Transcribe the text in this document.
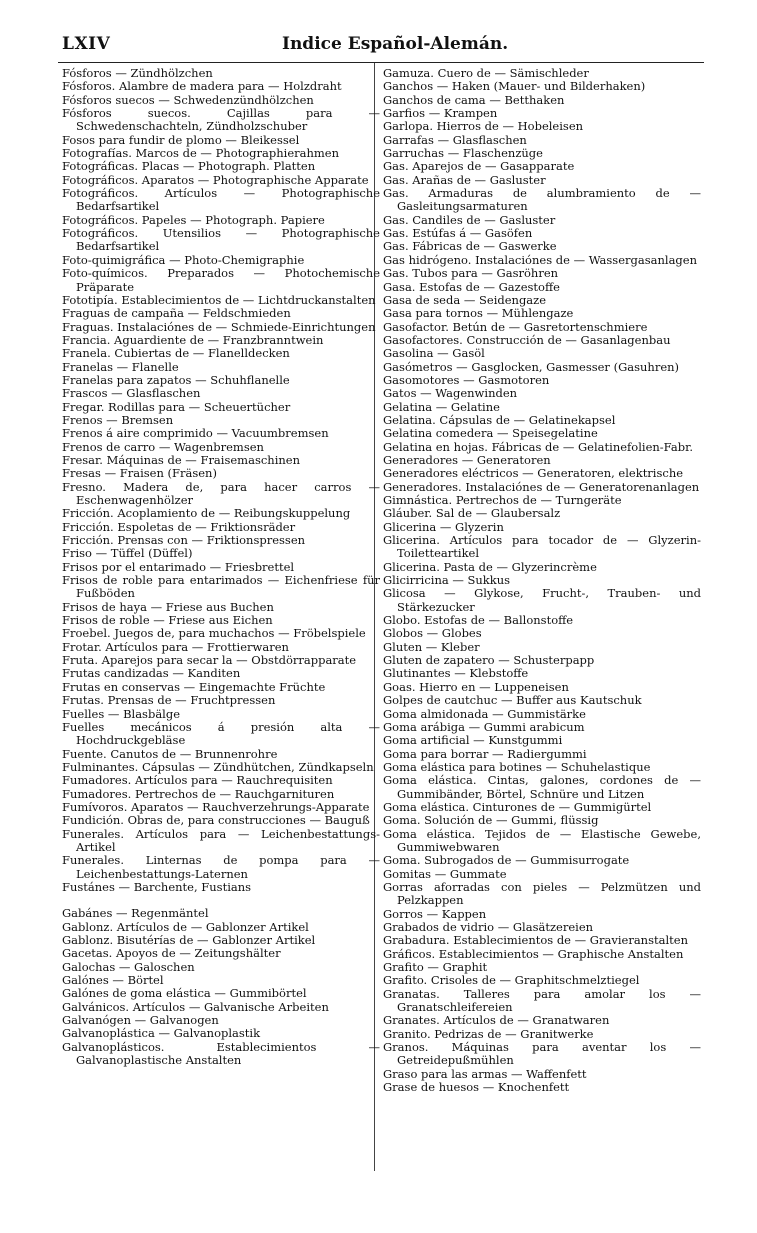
LXIV	Indice Español-Alemán.
Fósforos — Zündhölzchen
Fósforos. Alambre de madera para — Holzdraht
Fósforos suecos — Schwedenzündhölzchen
Fósforos suecos. Cajillas para — Schwedenschachteln, Zündholzschuber
Fosos para fundir de plomo — Bleikessel
Fotografías. Marcos de — Photographierahmen
Fotográficas. Placas — Photograph. Platten
Fotográficos. Aparatos — Photographische Apparate
Fotográficos. Artículos — Photographische Bedarfsartikel
Fotográficos. Papeles — Photograph. Papiere
Fotográficos. Utensilios — Photographische Bedarfsartikel
Foto-quimigráfica — Photo-Chemigraphie
Foto-químicos. Preparados — Photochemische Präparate
Fototipía. Establecimientos de — Lichtdruckanstalten
Fraguas de campaña — Feldschmieden
Fraguas. Instalaciónes de — Schmiede-Einrichtungen
Francia. Aguardiente de — Franzbranntwein
Franela. Cubiertas de — Flanelldecken
Franelas — Flanelle
Franelas para zapatos — Schuhflanelle
Frascos — Glasflaschen
Fregar. Rodillas para — Scheuertücher
Frenos — Bremsen
Frenos á aire comprimido — Vacuumbremsen
Frenos de carro — Wagenbremsen
Fresar. Máquinas de — Fraisemaschinen
Fresas — Fraisen (Fräsen)
Fresno. Madera de, para hacer carros — Eschenwagenhölzer
Fricción. Acoplamiento de — Reibungskuppelung
Fricción. Espoletas de — Friktionsräder
Fricción. Prensas con — Friktionspressen
Friso — Tüffel (Düffel)
Frisos por el entarimado — Friesbrettel
Frisos de roble para entarimados — Eichenfriese für Fußböden
Frisos de haya — Friese aus Buchen
Frisos de roble — Friese aus Eichen
Froebel. Juegos de, para muchachos — Fröbelspiele
Frotar. Artículos para — Frottierwaren
Fruta. Aparejos para secar la — Obstdörrapparate
Frutas candizadas — Kanditen
Frutas en conservas — Eingemachte Früchte
Frutas. Prensas de — Fruchtpressen
Fuelles — Blasbälge
Fuelles mecánicos á presión alta — Hochdruckgebläse
Fuente. Canutos de — Brunnenrohre
Fulminantes. Cápsulas — Zündhütchen, Zündkapseln
Fumadores. Artículos para — Rauchrequisiten
Fumadores. Pertrechos de — Rauchgarnituren
Fumívoros. Aparatos — Rauchverzehrungs-Apparate
Fundición. Obras de, para construcciones — Bauguß
Funerales. Artículos para — Leichenbestattungs-Artikel
Funerales. Linternas de pompa para — Leichenbestattungs-Laternen
Fustánes — Barchente, Fustians
Gabánes — Regenmäntel
Gablonz. Artículos de — Gablonzer Artikel
Gablonz. Bisutérías de — Gablonzer Artikel
Gacetas. Apoyos de — Zeitungshälter
Galochas — Galoschen
Galónes — Börtel
Galónes de goma elástica — Gummibörtel
Galvánicos. Artículos — Galvanische Arbeiten
Galvanógen — Galvanogen
Galvanoplástica — Galvanoplastik
Galvanoplásticos. Establecimientos — Galvanoplastische Anstalten
Gamuza. Cuero de — Sämischleder
Ganchos — Haken (Mauer- und Bilderhaken)
Ganchos de cama — Betthaken
Garfios — Krampen
Garlopa. Hierros de — Hobeleisen
Garrafas — Glasflaschen
Garruchas — Flaschenzüge
Gas. Aparejos de — Gasapparate
Gas. Arañas de — Gasluster
Gas. Armaduras de alumbramiento de — Gasleitungsarmaturen
Gas. Candiles de — Gasluster
Gas. Estúfas á — Gasöfen
Gas. Fábricas de — Gaswerke
Gas hidrógeno. Instalaciónes de — Wassergasanlagen
Gas. Tubos para — Gasröhren
Gasa. Estofas de — Gazestoffe
Gasa de seda — Seidengaze
Gasa para tornos — Mühlengaze
Gasofactor. Betún de — Gasretortenschmiere
Gasofactores. Construcción de — Gasanlagenbau
Gasolina — Gasöl
Gasómetros — Gasglocken, Gasmesser (Gasuhren)
Gasomotores — Gasmotoren
Gatos — Wagenwinden
Gelatina — Gelatine
Gelatina. Cápsulas de — Gelatinekapsel
Gelatina comedera — Speisegelatine
Gelatina en hojas. Fábricas de — Gelatinefolien-Fabr.
Generadores — Generatoren
Generadores eléctricos — Generatoren, elektrische
Generadores. Instalaciónes de — Generatorenanlagen
Gimnástica. Pertrechos de — Turngeräte
Gláuber. Sal de — Glaubersalz
Glicerina — Glyzerin
Glicerina. Artículos para tocador de — Glyzerin-Toiletteartikel
Glicerina. Pasta de — Glyzerincrème
Glicirricina — Sukkus
Glicosa — Glykose, Frucht-, Trauben- und Stärkezucker
Globo. Estofas de — Ballonstoffe
Globos — Globes
Gluten — Kleber
Gluten de zapatero — Schusterpapp
Glutinantes — Klebstoffe
Goas. Hierro en — Luppeneisen
Golpes de cautchuc — Buffer aus Kautschuk
Goma almidonada — Gummistärke
Goma arábiga — Gummi arabicum
Goma artificial — Kunstgummi
Goma para borrar — Radiergummi
Goma elástica para botines — Schuhelastique
Goma elástica. Cintas, galones, cordones de — Gummibänder, Börtel, Schnüre und Litzen
Goma elástica. Cinturones de — Gummigürtel
Goma. Solución de — Gummi, flüssig
Goma elástica. Tejidos de — Elastische Gewebe, Gummiwebwaren
Goma. Subrogados de — Gummisurrogate
Gomitas — Gummate
Gorras aforradas con pieles — Pelzmützen und Pelzkappen
Gorros — Kappen
Grabados de vidrio — Glasätzereien
Grabadura. Establecimientos de — Gravieranstalten
Gráficos. Establecimientos — Graphische Anstalten
Grafito — Graphit
Grafito. Crisoles de — Graphitschmelztiegel
Granatas. Talleres para amolar los — Granatschleifereien
Granates. Artículos de — Granatwaren
Granito. Pedrizas de — Granitwerke
Granos. Máquinas para aventar los — Getreidepußmühlen
Graso para las armas — Waffenfett
Grase de huesos — Knochenfett
